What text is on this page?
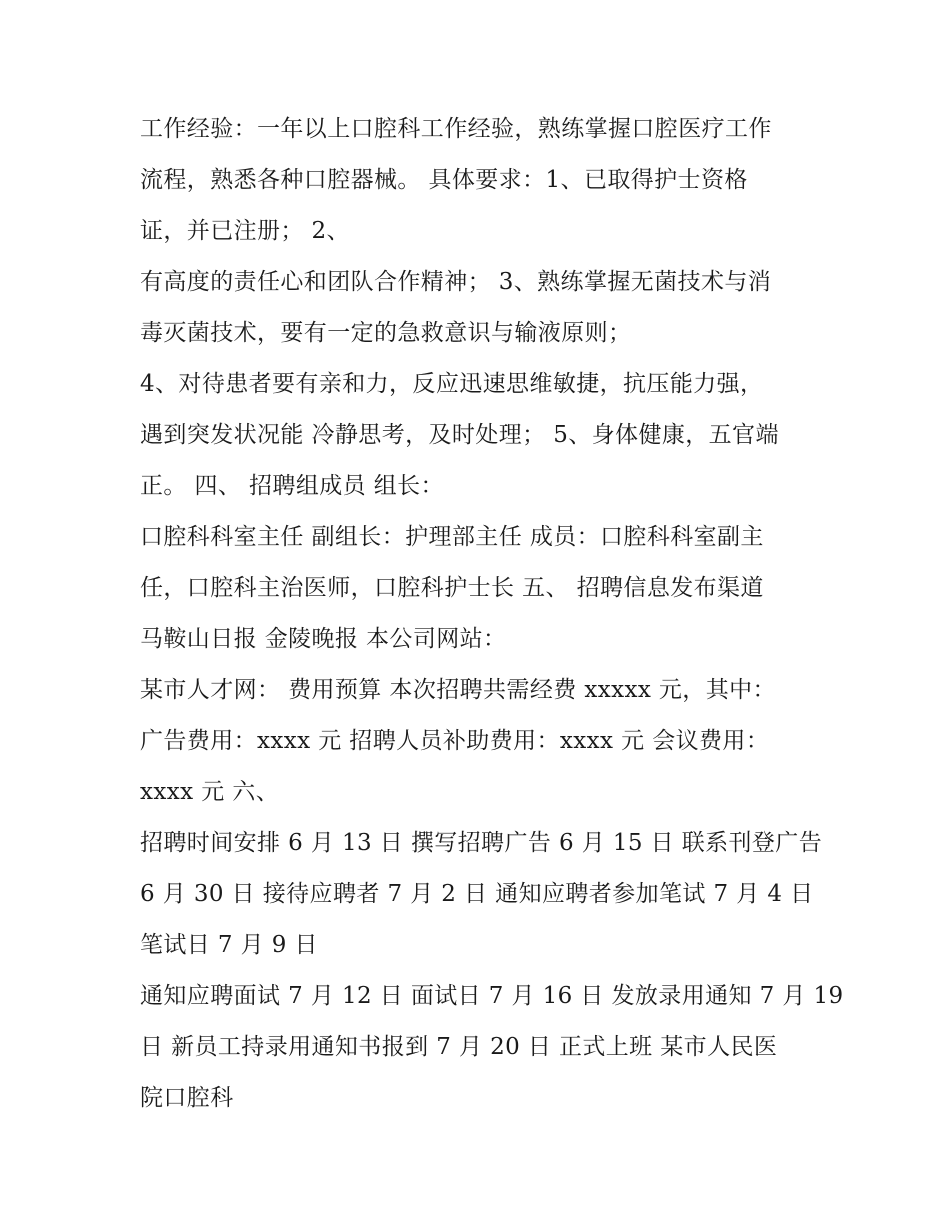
工作经验：一年以上口腔科工作经验，熟练掌握口腔医疗工作
流程，熟悉各种口腔器械。 具体要求：1、已取得护士资格
证，并已注册； 2、
有高度的责任心和团队合作精神； 3、熟练掌握无菌技术与消
毒灭菌技术，要有一定的急救意识与输液原则；
4、对待患者要有亲和力，反应迅速思维敏捷，抗压能力强，
遇到突发状况能 冷静思考，及时处理； 5、身体健康，五官端
正。 四、 招聘组成员 组长：
口腔科科室主任 副组长：护理部主任 成员：口腔科科室副主
任，口腔科主治医师，口腔科护士长 五、 招聘信息发布渠道
马鞍山日报 金陵晚报 本公司网站：
某市人才网： 费用预算 本次招聘共需经费 xxxxx 元，其中：
广告费用：xxxx 元 招聘人员补助费用：xxxx 元 会议费用：
xxxx 元 六、
招聘时间安排 6 月 13 日 撰写招聘广告 6 月 15 日 联系刊登广告
6 月 30 日 接待应聘者 7 月 2 日 通知应聘者参加笔试 7 月 4 日
笔试日 7 月 9 日
通知应聘面试 7 月 12 日 面试日 7 月 16 日 发放录用通知 7 月 19
日 新员工持录用通知书报到 7 月 20 日 正式上班 某市人民医
院口腔科
